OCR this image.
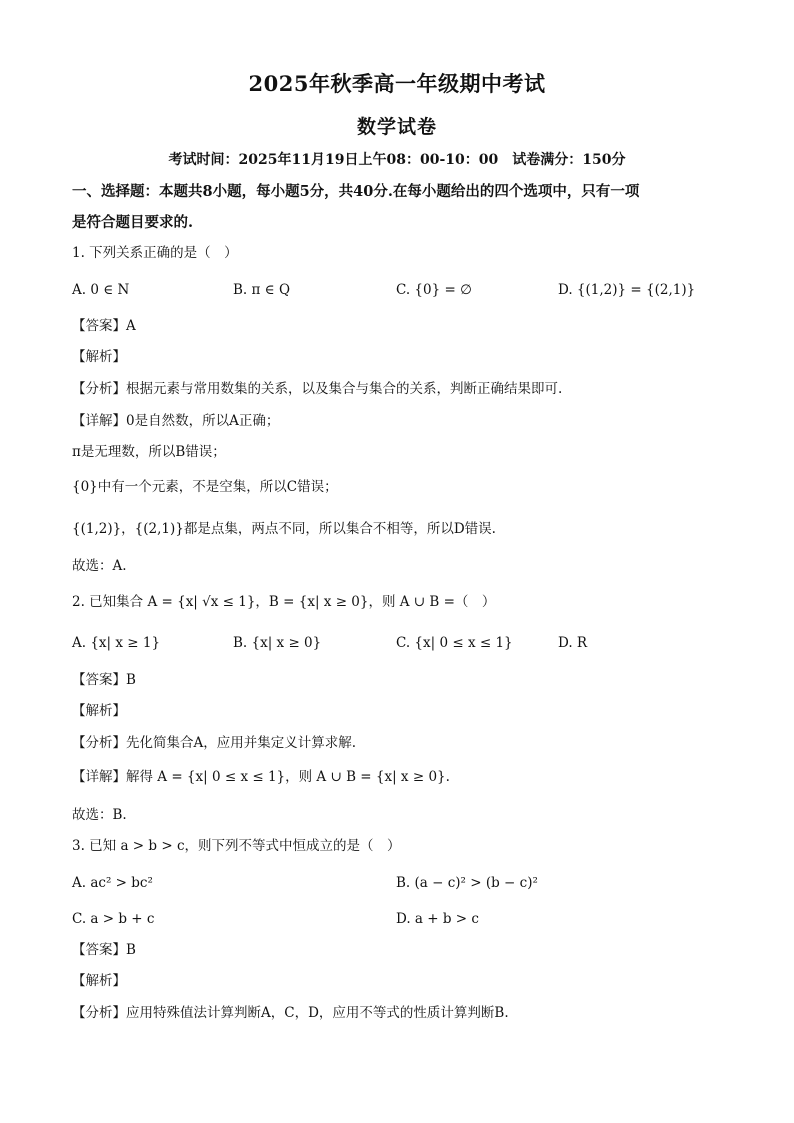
2025年秋季高一年级期中考试
数学试卷
考试时间：2025年11月19日上午08：00-10：00　试卷满分：150分
一、选择题：本题共8小题，每小题5分，共40分.在每小题给出的四个选项中，只有一项
是符合题目要求的.
1. 下列关系正确的是（　）
A. 0 ∈ N	B. π ∈ Q	C. {0} = ∅	D. {(1,2)} = {(2,1)}
【答案】A
【解析】
【分析】根据元素与常用数集的关系，以及集合与集合的关系，判断正确结果即可.
【详解】0是自然数，所以A正确；
π是无理数，所以B错误；
{0}中有一个元素，不是空集，所以C错误；
{(1,2)}，{(2,1)}都是点集，两点不同，所以集合不相等，所以D错误.
故选：A.
2. 已知集合 A = {x| √x ≤ 1}，B = {x| x ≥ 0}，则 A ∪ B =（　）
A. {x| x ≥ 1}	B. {x| x ≥ 0}	C. {x| 0 ≤ x ≤ 1}	D. R
【答案】B
【解析】
【分析】先化简集合A，应用并集定义计算求解.
【详解】解得 A = {x| 0 ≤ x ≤ 1}，则 A ∪ B = {x| x ≥ 0}.
故选：B.
3. 已知 a > b > c，则下列不等式中恒成立的是（　）
A. ac² > bc²	B. (a − c)² > (b − c)²
C. a > b + c	D. a + b > c
【答案】B
【解析】
【分析】应用特殊值法计算判断A，C，D，应用不等式的性质计算判断B.
